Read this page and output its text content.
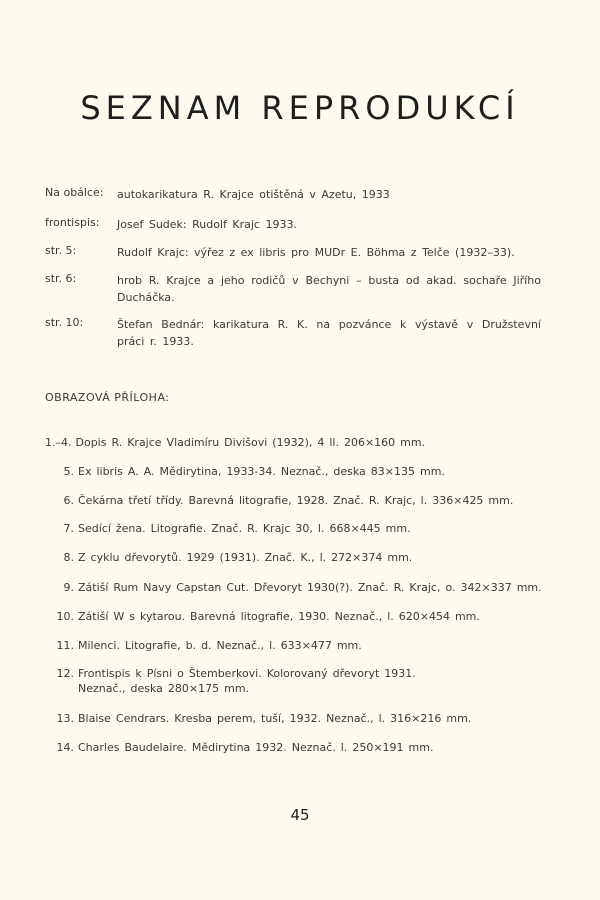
SEZNAM REPRODUKCÍ
Na obálce:	autokarikatura R. Krajce otištěná v Azetu, 1933
frontispis:	Josef Sudek: Rudolf Krajc 1933.
str. 5:	Rudolf Krajc: výřez z ex libris pro MUDr E. Böhma z Telče (1932–33).
str. 6:	hrob R. Krajce a jeho rodičů v Bechyni – busta od akad. sochaře Jiřího Ducháčka.
str. 10:	Štefan Bednár: karikatura R. K. na pozvánce k výstavě v Družstevní práci r. 1933.
OBRAZOVÁ PŘÍLOHA:
1.–4. Dopis R. Krajce Vladimíru Divišovi (1932), 4 ll. 206×160 mm.
5. Ex libris A. A. Mědirytina, 1933-34. Neznač., deska 83×135 mm.
6. Čekárna třetí třídy. Barevná litografie, 1928. Znač. R. Krajc, l. 336×425 mm.
7. Sedící žena. Litografie. Znač. R. Krajc 30, l. 668×445 mm.
8. Z cyklu dřevorytů. 1929 (1931). Znač. K., l. 272×374 mm.
9. Zátiší Rum Navy Capstan Cut. Dřevoryt 1930(?). Znač. R. Krajc, o. 342×337 mm.
10. Zátiší W s kytarou. Barevná litografie, 1930. Neznač., l. 620×454 mm.
11. Milenci. Litografie, b. d. Neznač., l. 633×477 mm.
12. Frontispis k Písni o Štemberkovi. Kolorovaný dřevoryt 1931.
Neznač., deska 280×175 mm.
13. Blaise Cendrars. Kresba perem, tuší, 1932. Neznač., l. 316×216 mm.
14. Charles Baudelaire. Mědirytina 1932. Neznač. l. 250×191 mm.
45
